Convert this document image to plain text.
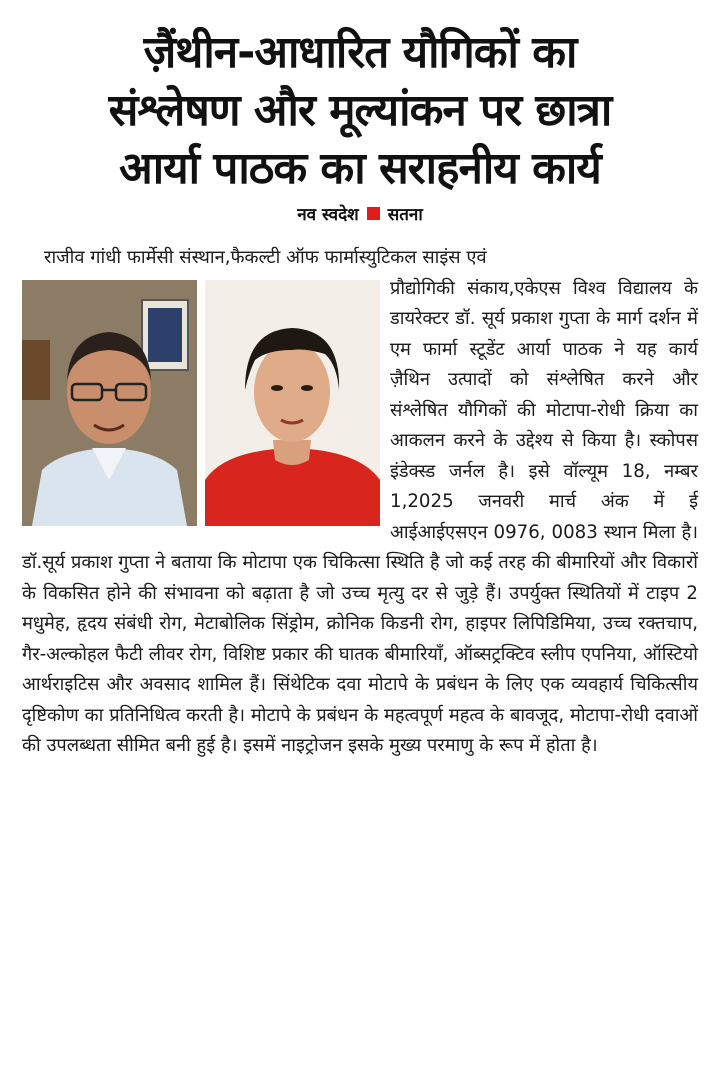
ज़ैंथीन-आधारित यौगिकों का
संश्लेषण और मूल्यांकन पर छात्रा
आर्या पाठक का सराहनीय कार्य
नव स्वदेश सतना
राजीव गांधी फार्मेसी संस्थान,फैकल्टी ऑफ फार्मास्युटिकल साइंस एवं

प्रौद्योगिकी संकाय,एकेएस विश्व विद्यालय के डायरेक्टर डॉ. सूर्य प्रकाश गुप्ता के मार्ग दर्शन में एम फार्मा स्टूडेंट आर्या पाठक ने यह कार्य ज़ैथिन उत्पादों को संश्लेषित करने और संश्लेषित यौगिकों की मोटापा-रोधी क्रिया का आकलन करने के उद्देश्य से किया है। स्कोपस इंडेक्स्ड जर्नल है। इसे वॉल्यूम 18, नम्बर 1,2025 जनवरी मार्च अंक में ई आईआईएसएन 0976, 0083 स्थान मिला है। डॉ.सूर्य प्रकाश गुप्ता ने बताया कि मोटापा एक चिकित्सा स्थिति है जो कई तरह की बीमारियों और विकारों के विकसित होने की संभावना को बढ़ाता है जो उच्च मृत्यु दर से जुड़े हैं। उपर्युक्त स्थितियों में टाइप 2 मधुमेह, हृदय संबंधी रोग, मेटाबोलिक सिंड्रोम, क्रोनिक किडनी रोग, हाइपर लिपिडिमिया, उच्च रक्तचाप, गैर-अल्कोहल फैटी लीवर रोग, विशिष्ट प्रकार की घातक बीमारियाँ, ऑब्सट्रक्टिव स्लीप एपनिया, ऑस्टियो आर्थराइटिस और अवसाद शामिल हैं। सिंथेटिक दवा मोटापे के प्रबंधन के लिए एक व्यवहार्य चिकित्सीय दृष्टिकोण का प्रतिनिधित्व करती है। मोटापे के प्रबंधन के महत्वपूर्ण महत्व के बावजूद, मोटापा-रोधी दवाओं की उपलब्धता सीमित बनी हुई है। इसमें नाइट्रोजन इसके मुख्य परमाणु के रूप में होता है।
